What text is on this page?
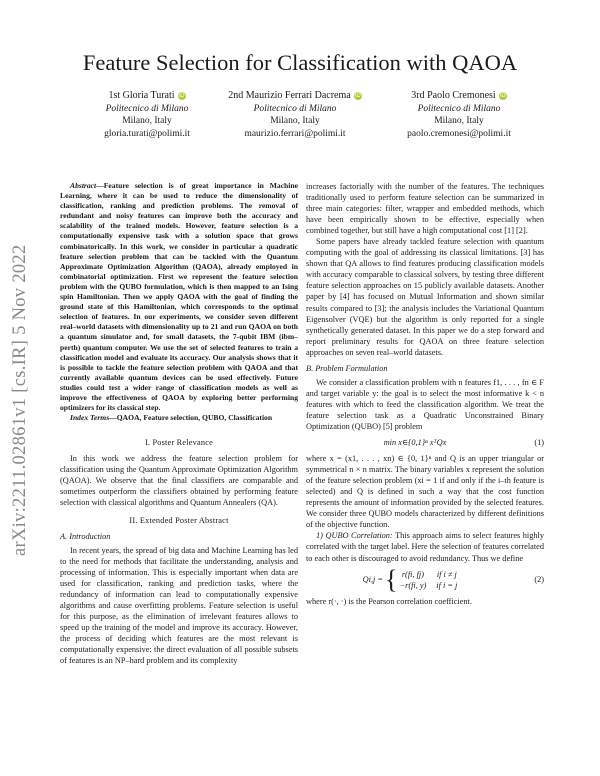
arXiv:2211.02861v1 [cs.IR] 5 Nov 2022
Feature Selection for Classification with QAOA
1st Gloria Turati iD
Politecnico di Milano
Milano, Italy
gloria.turati@polimi.it
2nd Maurizio Ferrari Dacrema iD
Politecnico di Milano
Milano, Italy
maurizio.ferrari@polimi.it
3rd Paolo Cremonesi iD
Politecnico di Milano
Milano, Italy
paolo.cremonesi@polimi.it

Abstract—Feature selection is of great importance in Machine Learning, where it can be used to reduce the dimensionality of classification, ranking and prediction problems. The removal of redundant and noisy features can improve both the accuracy and scalability of the trained models. However, feature selection is a computationally expensive task with a solution space that grows combinatorically. In this work, we consider in particular a quadratic feature selection problem that can be tackled with the Quantum Approximate Optimization Algorithm (QAOA), already employed in combinatorial optimization. First we represent the feature selection problem with the QUBO formulation, which is then mapped to an Ising spin Hamiltonian. Then we apply QAOA with the goal of finding the ground state of this Hamiltonian, which corresponds to the optimal selection of features. In our experiments, we consider seven different real–world datasets with dimensionality up to 21 and run QAOA on both a quantum simulator and, for small datasets, the 7-qubit IBM (ibm–perth) quantum computer. We use the set of selected features to train a classification model and evaluate its accuracy. Our analysis shows that it is possible to tackle the feature selection problem with QAOA and that currently available quantum devices can be used effectively. Future studies could test a wider range of classification models as well as improve the effectiveness of QAOA by exploring better performing optimizers for its classical step.

Index Terms—QAOA, Feature selection, QUBO, Classification

I. Poster Relevance

In this work we address the feature selection problem for classification using the Quantum Approximate Optimization Algorithm (QAOA). We observe that the final classifiers are comparable and sometimes outperform the classifiers obtained by performing feature selection with classical algorithms and Quantum Annealers (QA).

II. Extended Poster Abstract
A. Introduction

In recent years, the spread of big data and Machine Learning has led to the need for methods that facilitate the understanding, analysis and processing of information. This is especially important when data are used for classification, ranking and prediction tasks, where the redundancy of information can lead to computationally expensive algorithms and cause overfitting problems. Feature selection is useful for this purpose, as the elimination of irrelevant features allows to speed up the training of the model and improve its accuracy. However, the process of deciding which features are the most relevant is computationally expensive: the direct evaluation of all possible subsets of features is an NP–hard problem and its complexity

increases factorially with the number of the features. The techniques traditionally used to perform feature selection can be summarized in three main categories: filter, wrapper and embedded methods, which have been empirically shown to be effective, especially when combined together, but still have a high computational cost [1] [2].

Some papers have already tackled feature selection with quantum computing with the goal of addressing its classical limitations. [3] has shown that QA allows to find features producing classification models with accuracy comparable to classical solvers, by testing three different feature selection approaches on 15 publicly available datasets. Another paper by [4] has focused on Mutual Information and shown similar results compared to [3]; the analysis includes the Variational Quantum Eigensolver (VQE) but the algorithm is only reported for a single synthetically generated dataset. In this paper we do a step forward and report preliminary results for QAOA on three feature selection approaches on seven real–world datasets.

B. Problem Formulation

We consider a classification problem with n features f1, . . . , fn ∈ F and target variable y: the goal is to select the most informative k < n features with which to feed the classification algorithm. We treat the feature selection task as a Quadratic Unconstrained Binary Optimization (QUBO) [5] problem

min x∈{0,1}ⁿ xᵀQx	(1)

where x = (x1, . . . , xn) ∈ {0, 1}ⁿ and Q is an upper triangular or symmetrical n × n matrix. The binary variables x represent the solution of the feature selection problem (xi = 1 if and only if the i–th feature is selected) and Q is defined in such a way that the cost function represents the amount of information provided by the selected features. We consider three QUBO models characterized by different definitions of the objective function.

1) QUBO Correlation: This approach aims to select features highly correlated with the target label. Here the selection of features correlated to each other is discouraged to avoid redundancy. Thus we define

Qi,j = { r(fi, fj)	if i ≠ j
−r(fi, y)	if i = j
(2)

where r(·, ·) is the Pearson correlation coefficient.
